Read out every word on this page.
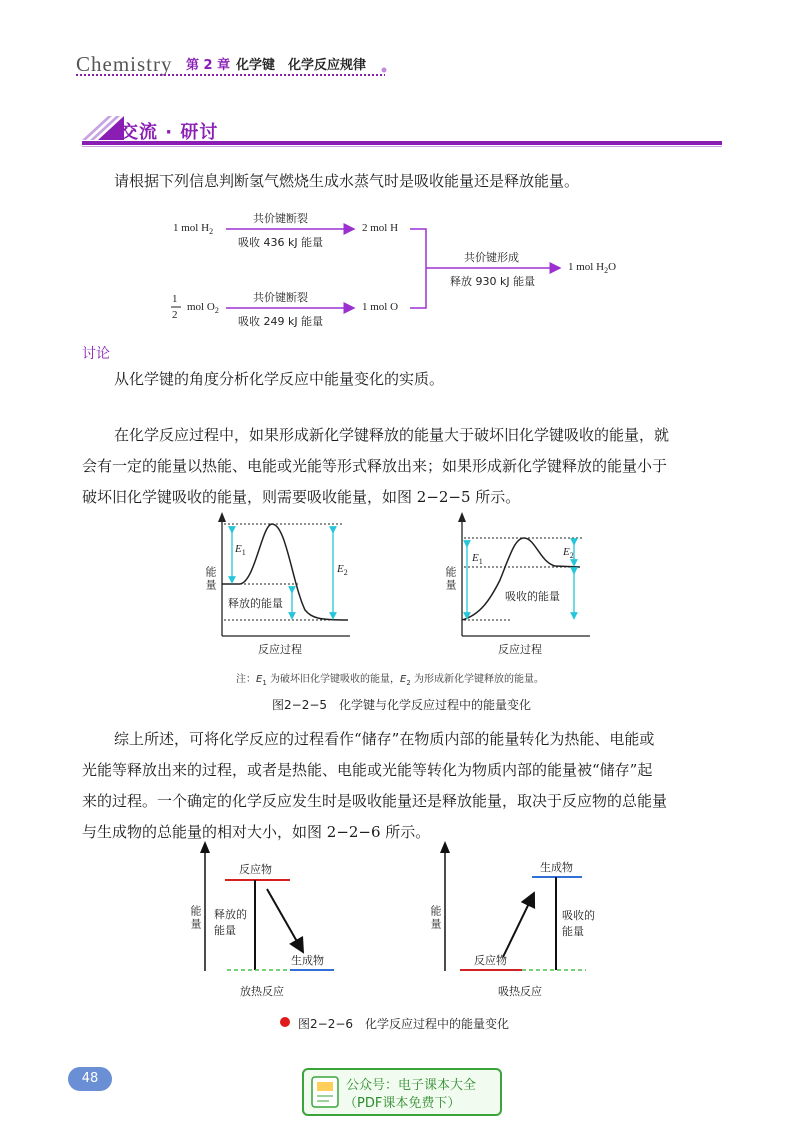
Chemistry 第 2 章 化学键　化学反应规律
交流 · 研讨
请根据下列信息判断氢气燃烧生成水蒸气时是吸收能量还是释放能量。
1 mol $H_2$
共价键断裂
吸收 436 kJ 能量
2 mol H
共价键形成
释放 930 kJ 能量
1 mol $H_2O$
1
2
mol $O_2$
共价键断裂
吸收 249 kJ 能量
1 mol O
讨论
从化学键的角度分析化学反应中能量变化的实质。
在化学反应过程中，如果形成新化学键释放的能量大于破坏旧化学键吸收的能量，就
会有一定的能量以热能、电能或光能等形式释放出来；如果形成新化学键释放的能量小于
破坏旧化学键吸收的能量，则需要吸收能量，如图 2−2−5 所示。
能量	能量
反应过程	反应过程
$E_1$
$E_2$
释放的能量
$E_1$
$E_2$
吸收的能量
注：$E_1$ 为破坏旧化学键吸收的能量，$E_2$ 为形成新化学键释放的能量。
图2−2−5　化学键与化学反应过程中的能量变化
综上所述，可将化学反应的过程看作“储存”在物质内部的能量转化为热能、电能或
光能等释放出来的过程，或者是热能、电能或光能等转化为物质内部的能量被“储存”起
来的过程。一个确定的化学反应发生时是吸收能量还是释放能量，取决于反应物的总能量
与生成物的总能量的相对大小，如图 2−2−6 所示。
能量	能量
反应物
释放的
能量
生成物
放热反应
生成物
吸收的
能量
反应物
吸热反应
图2−2−6　化学反应过程中的能量变化
48	公众号：电子课本大全
（PDF课本免费下）
